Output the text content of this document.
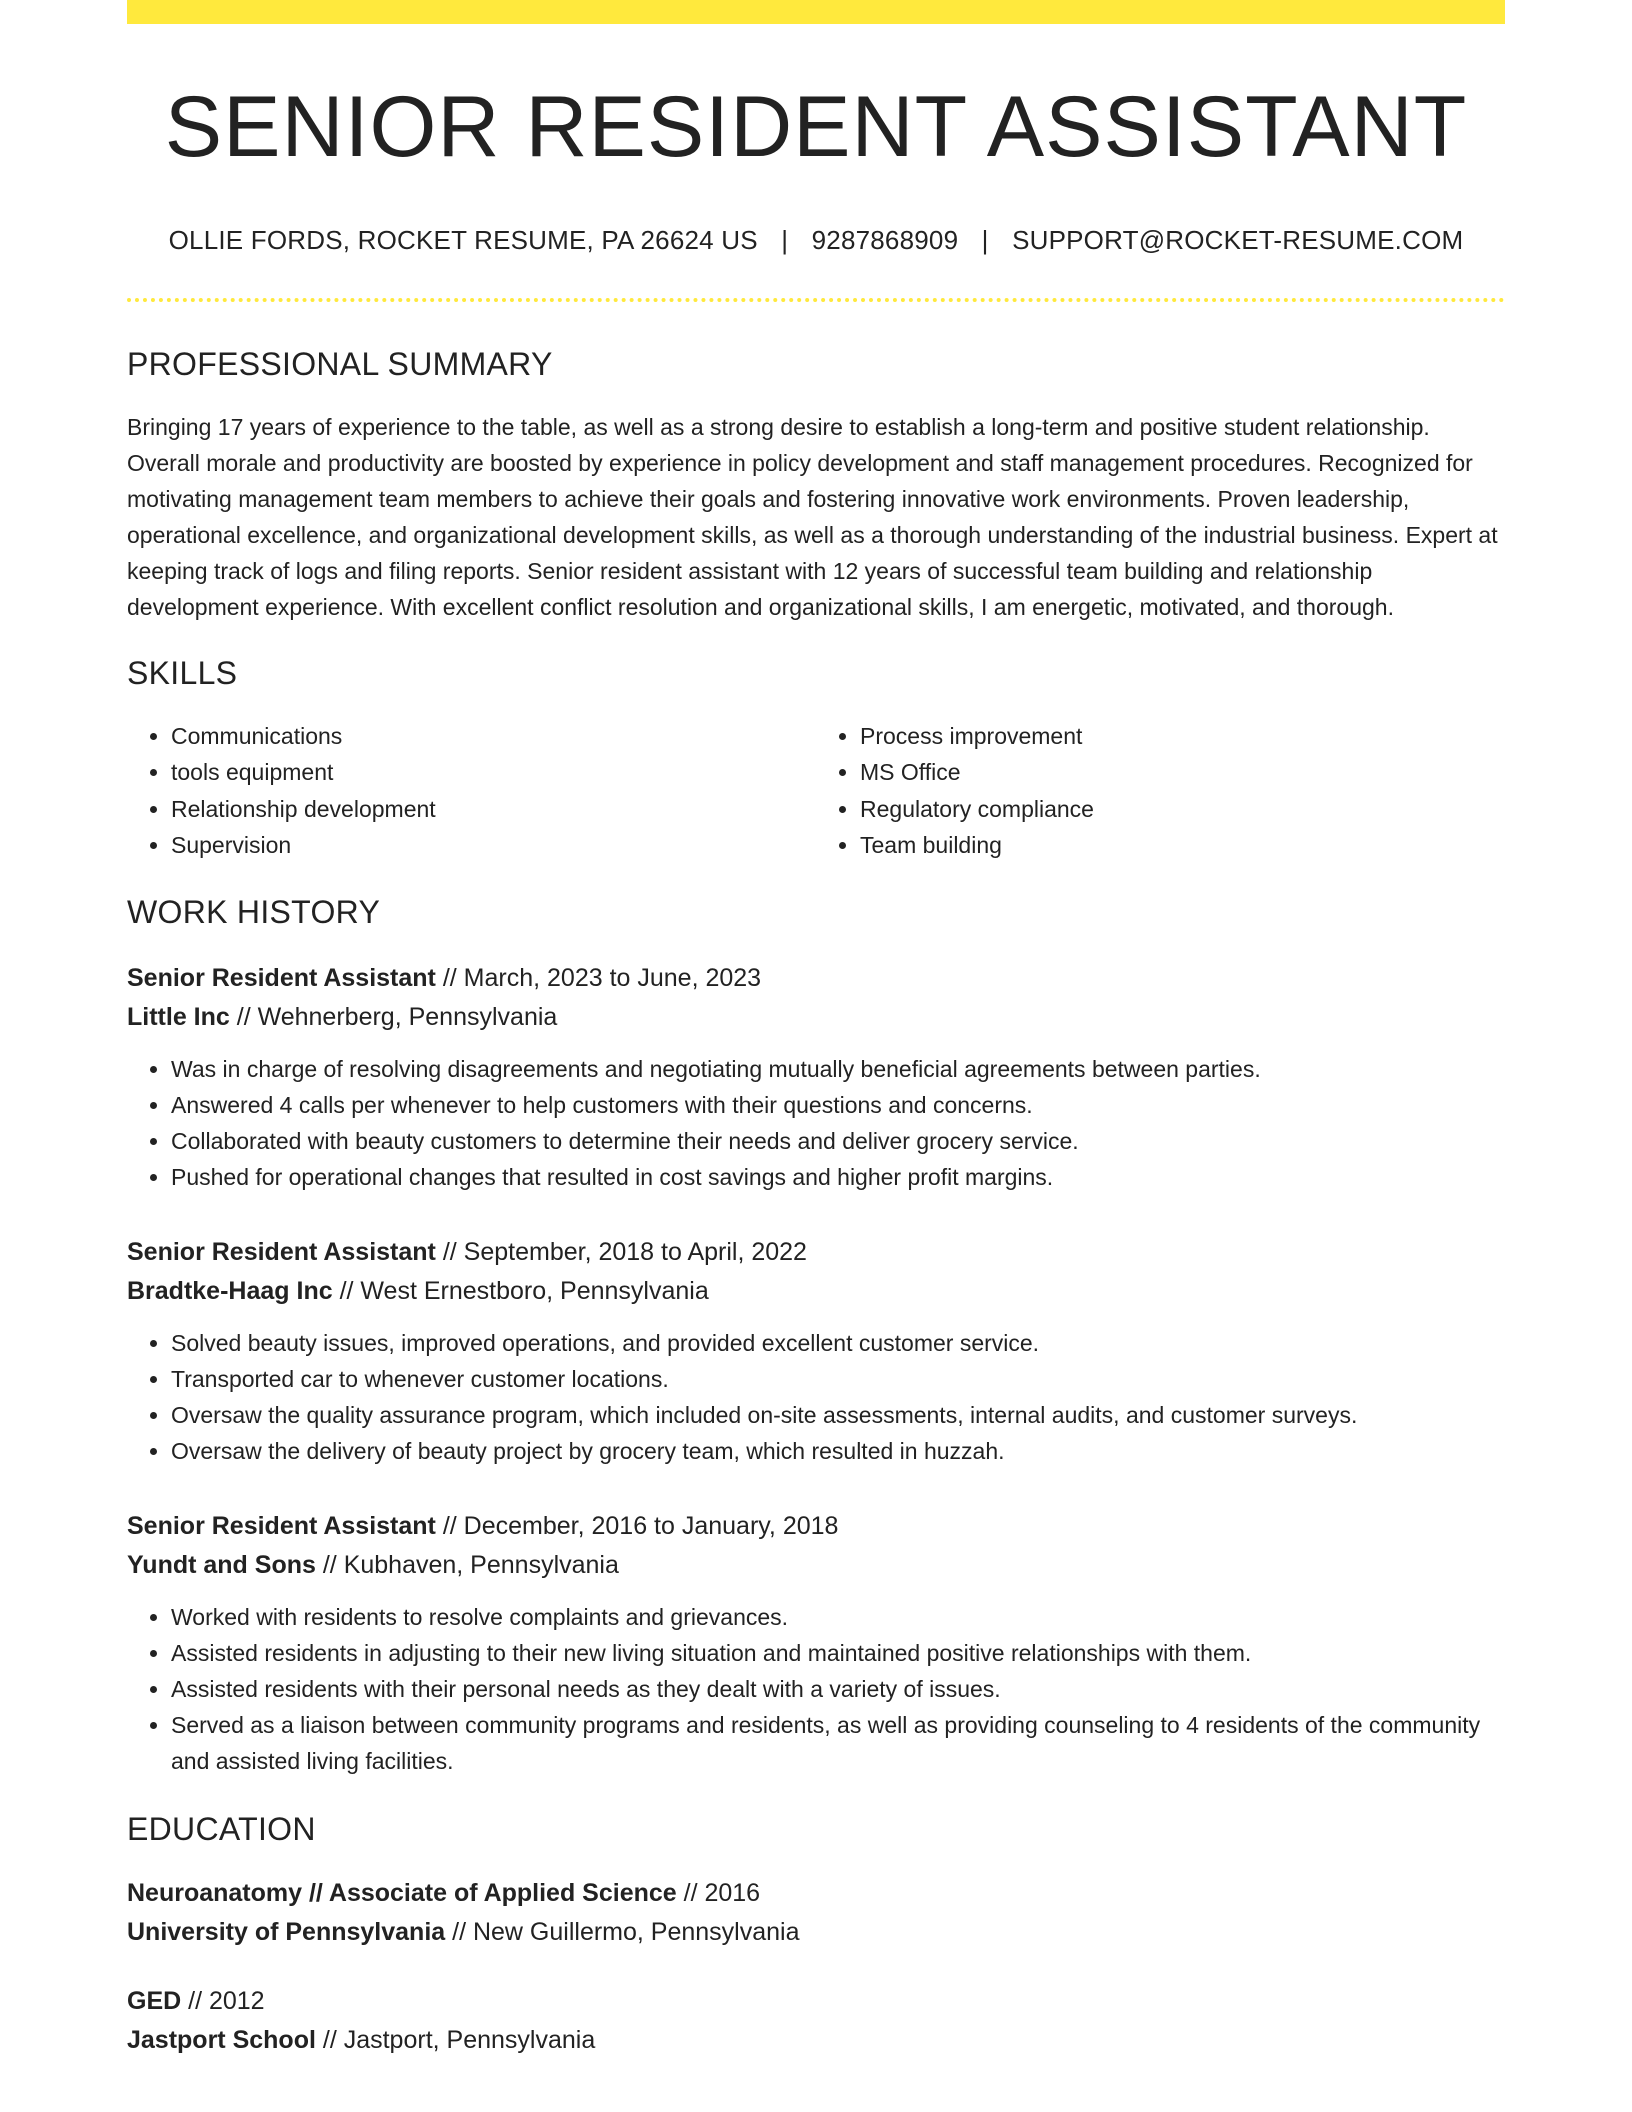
SENIOR RESIDENT ASSISTANT
OLLIE FORDS, ROCKET RESUME, PA 26624 US | 9287868909 | SUPPORT@ROCKET-RESUME.COM
PROFESSIONAL SUMMARY
Bringing 17 years of experience to the table, as well as a strong desire to establish a long-term and positive student relationship. Overall morale and productivity are boosted by experience in policy development and staff management procedures. Recognized for motivating management team members to achieve their goals and fostering innovative work environments. Proven leadership, operational excellence, and organizational development skills, as well as a thorough understanding of the industrial business. Expert at keeping track of logs and filing reports. Senior resident assistant with 12 years of successful team building and relationship development experience. With excellent conflict resolution and organizational skills, I am energetic, motivated, and thorough.
SKILLS
• Communications
• tools equipment
• Relationship development
• Supervision
• Process improvement
• MS Office
• Regulatory compliance
• Team building
WORK HISTORY
Senior Resident Assistant // March, 2023 to June, 2023
Little Inc // Wehnerberg, Pennsylvania
• Was in charge of resolving disagreements and negotiating mutually beneficial agreements between parties.
• Answered 4 calls per whenever to help customers with their questions and concerns.
• Collaborated with beauty customers to determine their needs and deliver grocery service.
• Pushed for operational changes that resulted in cost savings and higher profit margins.
Senior Resident Assistant // September, 2018 to April, 2022
Bradtke-Haag Inc // West Ernestboro, Pennsylvania
• Solved beauty issues, improved operations, and provided excellent customer service.
• Transported car to whenever customer locations.
• Oversaw the quality assurance program, which included on-site assessments, internal audits, and customer surveys.
• Oversaw the delivery of beauty project by grocery team, which resulted in huzzah.
Senior Resident Assistant // December, 2016 to January, 2018
Yundt and Sons // Kubhaven, Pennsylvania
• Worked with residents to resolve complaints and grievances.
• Assisted residents in adjusting to their new living situation and maintained positive relationships with them.
• Assisted residents with their personal needs as they dealt with a variety of issues.
• Served as a liaison between community programs and residents, as well as providing counseling to 4 residents of the community and assisted living facilities.
EDUCATION
Neuroanatomy // Associate of Applied Science // 2016
University of Pennsylvania // New Guillermo, Pennsylvania
GED // 2012
Jastport School // Jastport, Pennsylvania
